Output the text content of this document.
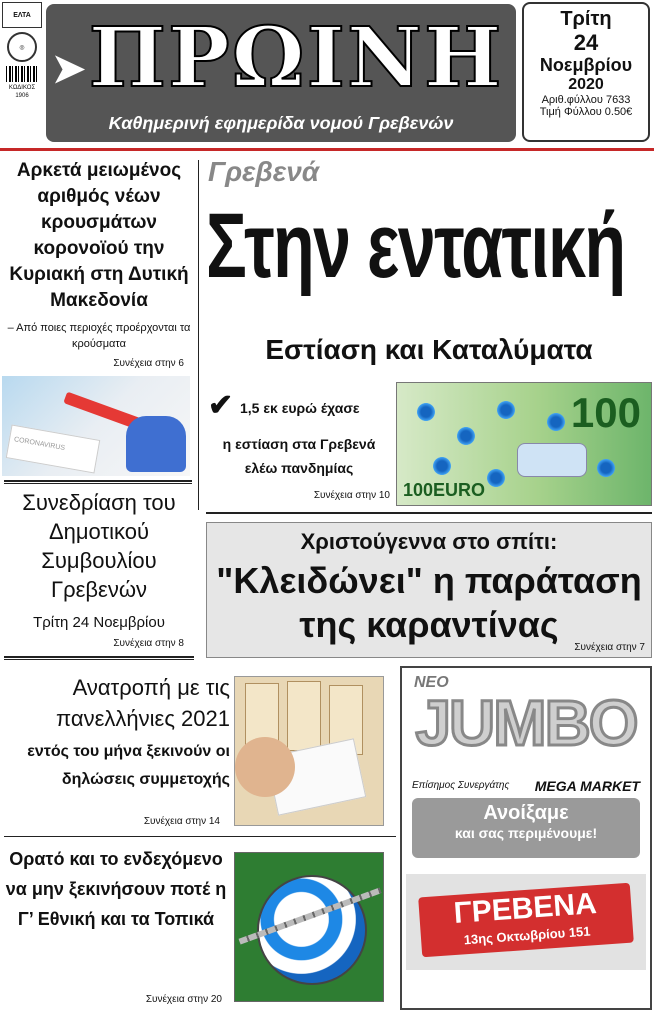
ΕΛΤΑ
◎
ΚΩΔΙΚΟΣ
1906
➤ ΠΡΩΙΝΗ
Καθημερινή εφημερίδα νομού Γρεβενών
Τρίτη
24
Νοεμβρίου
2020
Αριθ.φύλλου 7633
Τιμή Φύλλου 0.50€
Αρκετά μειωμένος αριθμός νέων κρουσμάτων κορονοϊού την Κυριακή στη Δυτική Μακεδονία
– Από ποιες περιοχές προέρχονται τα κρούσματα
Συνέχεια στην 6
CORONAVIRUS
Συνεδρίαση του Δημοτικού Συμβουλίου Γρεβενών
Τρίτη 24 Νοεμβρίου
Συνέχεια στην 8
Γρεβενά
Στην εντατική
Εστίαση και Καταλύματα
✔ 1,5 εκ ευρώ έχασε
η εστίαση στα Γρεβενά ελέω πανδημίας
Συνέχεια στην 10
100
100EURO
Χριστούγεννα στο σπίτι:
"Κλειδώνει" η παράταση της καραντίνας
Συνέχεια στην 7
Ανατροπή με τις πανελλήνιες 2021
εντός του μήνα ξεκινούν οι δηλώσεις συμμετοχής
Συνέχεια στην 14
Ορατό και το ενδεχόμενο να μην ξεκινήσουν ποτέ η Γ’ Εθνική και τα Τοπικά
Συνέχεια στην 20
ΝΕΟ
JUMBO
Επίσημος Συνεργάτης MEGA MARKET
Ανοίξαμε
και σας περιμένουμε!
ΓΡΕΒΕΝΑ
13ης Οκτωβρίου 151
